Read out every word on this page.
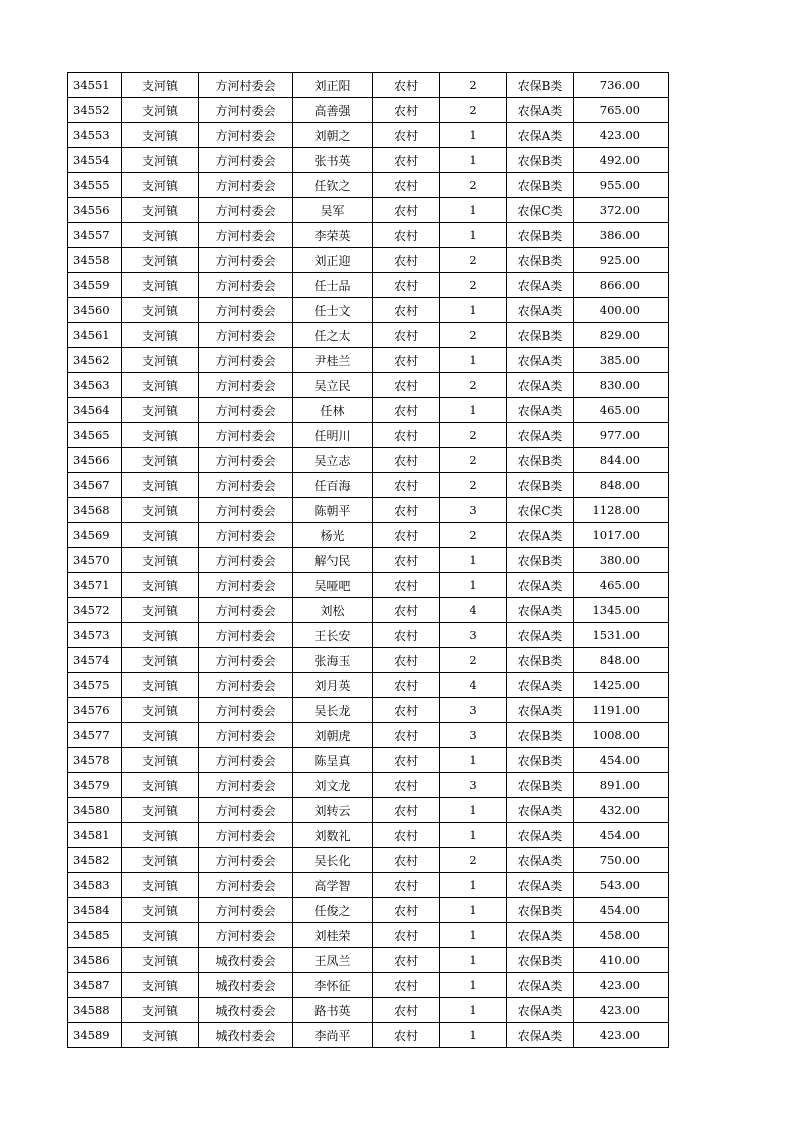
34551	支河镇	方河村委会	刘正阳	农村	2	农保B类	736.00
34552	支河镇	方河村委会	高善强	农村	2	农保A类	765.00
34553	支河镇	方河村委会	刘朝之	农村	1	农保A类	423.00
34554	支河镇	方河村委会	张书英	农村	1	农保B类	492.00
34555	支河镇	方河村委会	任钦之	农村	2	农保B类	955.00
34556	支河镇	方河村委会	吴军	农村	1	农保C类	372.00
34557	支河镇	方河村委会	李荣英	农村	1	农保B类	386.00
34558	支河镇	方河村委会	刘正迎	农村	2	农保B类	925.00
34559	支河镇	方河村委会	任士品	农村	2	农保A类	866.00
34560	支河镇	方河村委会	任士文	农村	1	农保A类	400.00
34561	支河镇	方河村委会	任之太	农村	2	农保B类	829.00
34562	支河镇	方河村委会	尹桂兰	农村	1	农保A类	385.00
34563	支河镇	方河村委会	吴立民	农村	2	农保A类	830.00
34564	支河镇	方河村委会	任林	农村	1	农保A类	465.00
34565	支河镇	方河村委会	任明川	农村	2	农保A类	977.00
34566	支河镇	方河村委会	吴立志	农村	2	农保B类	844.00
34567	支河镇	方河村委会	任百海	农村	2	农保B类	848.00
34568	支河镇	方河村委会	陈朝平	农村	3	农保C类	1128.00
34569	支河镇	方河村委会	杨光	农村	2	农保A类	1017.00
34570	支河镇	方河村委会	解勺民	农村	1	农保B类	380.00
34571	支河镇	方河村委会	吴哑吧	农村	1	农保A类	465.00
34572	支河镇	方河村委会	刘松	农村	4	农保A类	1345.00
34573	支河镇	方河村委会	王长安	农村	3	农保A类	1531.00
34574	支河镇	方河村委会	张海玉	农村	2	农保B类	848.00
34575	支河镇	方河村委会	刘月英	农村	4	农保A类	1425.00
34576	支河镇	方河村委会	吴长龙	农村	3	农保A类	1191.00
34577	支河镇	方河村委会	刘朝虎	农村	3	农保B类	1008.00
34578	支河镇	方河村委会	陈呈真	农村	1	农保B类	454.00
34579	支河镇	方河村委会	刘文龙	农村	3	农保B类	891.00
34580	支河镇	方河村委会	刘转云	农村	1	农保A类	432.00
34581	支河镇	方河村委会	刘数礼	农村	1	农保A类	454.00
34582	支河镇	方河村委会	吴长化	农村	2	农保A类	750.00
34583	支河镇	方河村委会	高学智	农村	1	农保A类	543.00
34584	支河镇	方河村委会	任俊之	农村	1	农保B类	454.00
34585	支河镇	方河村委会	刘桂荣	农村	1	农保A类	458.00
34586	支河镇	城孜村委会	王凤兰	农村	1	农保B类	410.00
34587	支河镇	城孜村委会	李怀征	农村	1	农保A类	423.00
34588	支河镇	城孜村委会	路书英	农村	1	农保A类	423.00
34589	支河镇	城孜村委会	李尚平	农村	1	农保A类	423.00
